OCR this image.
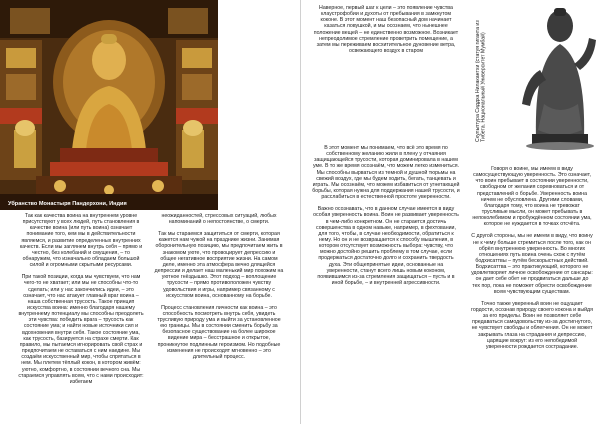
Убранство Монастыря Пандерхони, Индия
Скульптура Сиддха Нилакантхи (статуя гиганта из Тибета. Национальный Университет Мумбай)

Так как качества воина на внутреннем уровне присутствуют у всех людей, путь становления в качестве воина (или путь воина) означает понимание того, кем мы в действительности являемся, и развитие определенных внутренних качеств. Если мы заглянем внутрь себя – прямо и честно, без колебаний и смущения, – то обнаружим, что изначально обладаем большой силой и огромными скрытыми ресурсами.

При такой позиции, когда мы чувствуем, что нам чего-то не хватает; или мы не способны что-то сделать; или у нас закончились идеи, – это означает, что нас атакует главный враг воина – наша собственная трусость. Такое принцип искусства воина: именно благодаря нашему внутреннему потенциалу мы способны преодолеть эти чувства: победить врага – трусость как состояние ума; и найти новые источники сил и вдохновения внутри себя. Такое состояние ума, как трусость, базируется на страхе смерти. Как правило, мы пытаемся игнорировать свой страх и предпочитаем не оставаться с ним наедине. Мы создаём искусственный мир, чтобы спрятаться в нем. Мы плетем тёплый кокон, в котором живём: уютно, комфортно, в состоянии вечного сна. Мы стараемся управлять всем, что с нами происходит: избегаем

неожиданностей, стрессовых ситуаций, любых напоминаний о непостоянстве, о смерти.

Так мы стараемся защититься от смерти, которая кажется нам чужой на празднике жизни. Занимая оборонительную позицию, мы предпочитаем жить в знакомом уюте, что провоцирует депрессию и общее негативное восприятие жизни. На самом деле, именно эта атмосфера вечно длящейся депрессии и делает наш маленький мир похожим на уютное гнёздышко. Этот подход – воплощение трусости – прямо противоположен чувству удовольствия и игры, например связанному с искусством воина, основанному на борьбе.

Процесс становления личности как воина – это способность посмотреть внутрь себя, увидеть трусливую природу ума и выйти за установленное ею границы. Мы в состоянии сменить борьбу за безопасное существование на более широкое видение мира – бесстрашное и открытое, проникнутое подлинным героизмом. Но подобные изменения не происходят мгновенно – это длительный процесс.

Наверное, первый шаг к цели – это появление чувства клаустрофобии и духоты от пребывания в замкнутом коконе. В этот момент наш безопасный дом начинает казаться ловушкой, и мы осознаем, что нынешнее положение вещей – не единственно возможное. Возникает непреодолимое стремление проветрить помещение, а затем мы переживаем восхитительное дуновение ветра, освежающего воздух в старом

В этот момент мы понимаем, что всё это время по собственному желанию жили в плену у отчаяния защищающейся трусости, которая доминировала в нашем уме. В то же время осознаём, что можем легко измениться. Мы способны вырваться из темной и душной тюрьмы на свежий воздух, где мы будем ходить, бегать, танцевать и играть. Мы осознаём, что можем избавиться от угнетающей борьбы, которая нужна для поддержания нашей трусости, и расслабиться в естественной простоте уверенности.

Важно осознавать, что в данном случае имеется в виду особая уверенность воина. Воин не развивает уверенность в чем-либо конкретном. Он не старается достичь совершенства в одном навыке, например, в фехтовании, для того, чтобы, в случае необходимости, обратиться к нему. Но он и не возвращается к способу мышления, в котором отсутствует возможность выбора: чувству, что можно достойно решить проблему в том случае, если продержаться достаточно долго и сохранить твердость духа. Эти общепринятые идеи, основанные на уверенности, станут всего лишь новым коконом, появившимся из-за стремления защищаться – пусть и в иной борьбе, – и внутренней агрессивности.

Говоря о воине, мы имеем в виду самосуществующую уверенность. Это означает, что воин пребывает в состоянии уверенности, свободном от желания соревноваться и от представлений о борьбе. Уверенность воина ничем не обусловлена. Другими словами, благодаря тому, что воина не тревожат трусливые мысли, он может пребывать в непоколебимом и пробуждённом состоянии ума, которое не нуждается в точках отсчёта.

С другой стороны, мы не имеем в виду, что воину не к чему больше стремиться после того, как он обрёл внутреннюю уверенность. Во многих отношениях путь воина очень схож с путём бодхисаттвы – путём бескорыстных действий. Бодхисаттва – это практикующий, которого не удовлетворяет личное освобождение от сансары: он дает себе обет не продвигаться дальше до тех пор, пока не поможет обрести освобождение всем чувствующим существам.

Точно также уверенный воин не ощущает гордости, осознав природу своего кокона и выйдя за его пределы. Воин не позволяет себе предаваться самодовольству из-за достигнутого, не чувствует свободы и облегчения. Он не может закрывать глаза на страдания и депрессию, царящие вокруг: из его непобедимой уверенности рождается сострадание.
